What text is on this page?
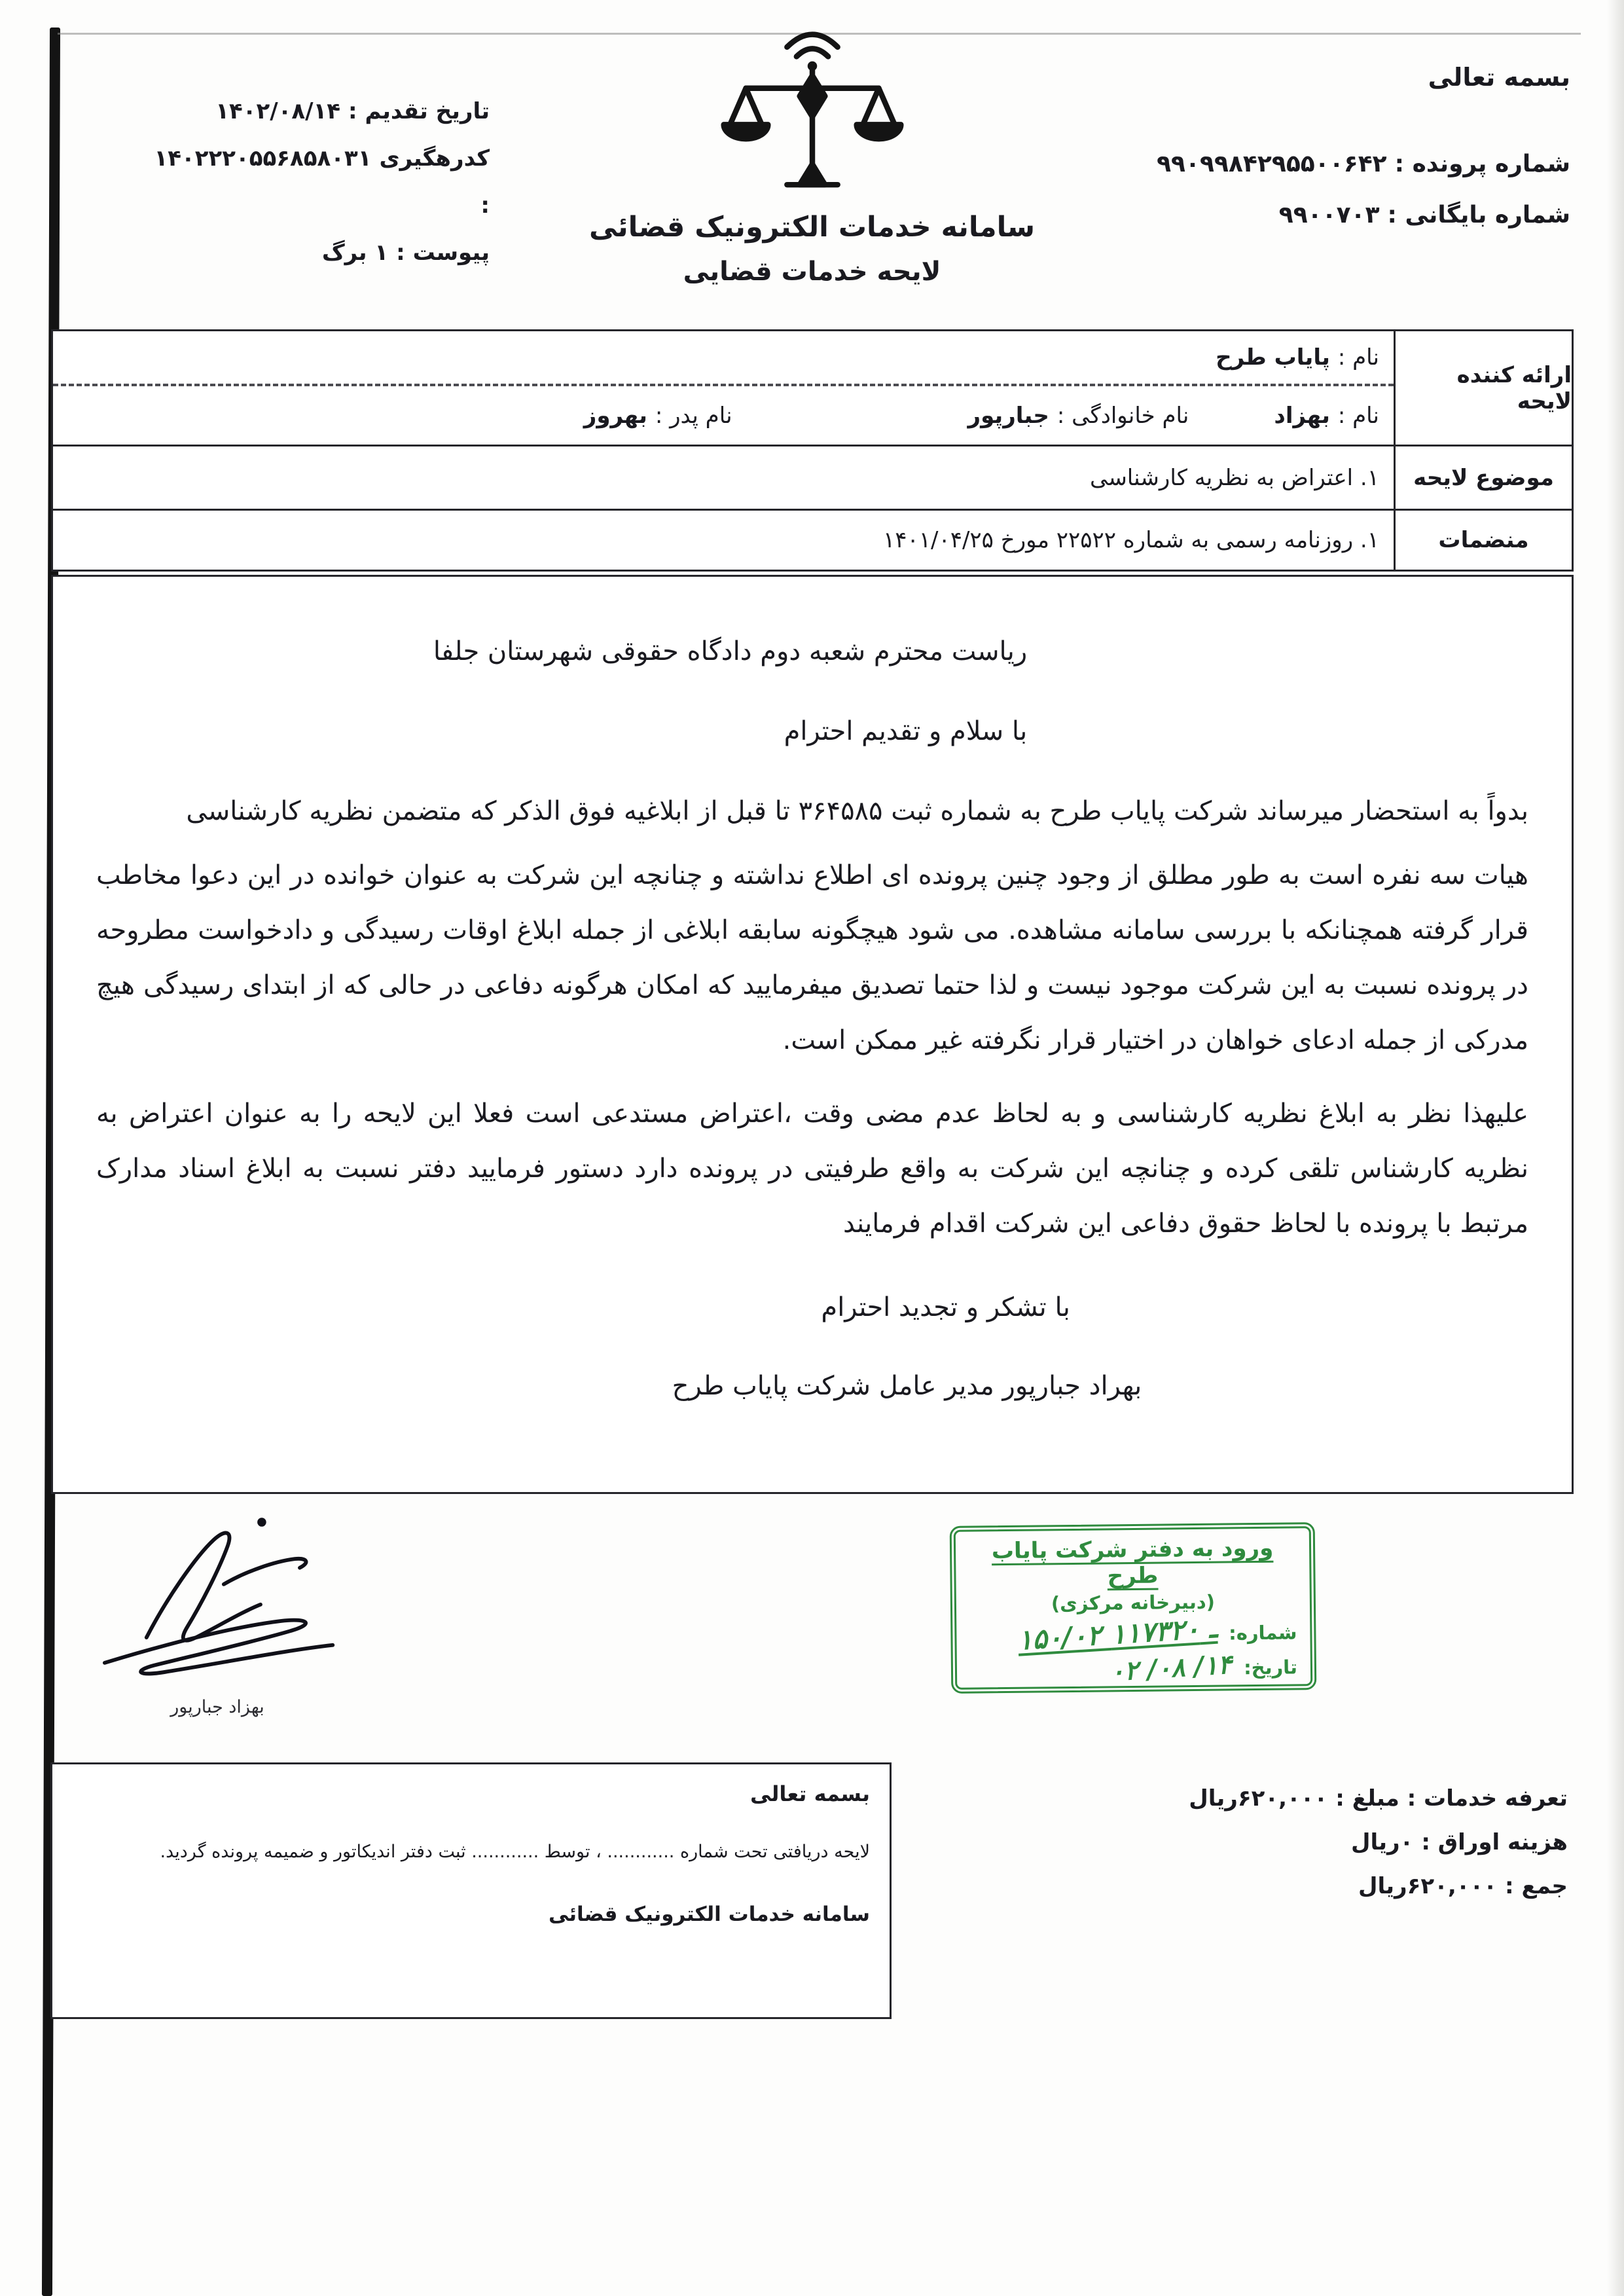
بسمه تعالی
شماره پرونده :
۹۹۰۹۹۸۴۲۹۵۵۰۰۶۴۲
شماره بایگانی :
۹۹۰۰۷۰۳
سامانه خدمات الکترونیک قضائی
لایحه خدمات قضایی
تاریخ تقدیم :
۱۴۰۲/۰۸/۱۴
کدرهگیری :
۱۴۰۲۲۲۰۵۵۶۸۵۸۰۳۱
پیوست :
۱ برگ
ارائه کننده لایحه
نام :
پایاب طرح
نام :
بهزاد
نام خانوادگی :
جبارپور
نام پدر :
بهروز
موضوع لایحه
۱. اعتراض به نظریه کارشناسی
منضمات
۱. روزنامه رسمی به شماره ۲۲۵۲۲ مورخ ۱۴۰۱/۰۴/۲۵
ریاست محترم شعبه دوم دادگاه حقوقی شهرستان جلفا
با سلام و تقدیم احترام
بدواً به استحضار میرساند شرکت پایاب طرح به شماره ثبت ۳۶۴۵۸۵ تا قبل از ابلاغیه فوق الذکر که متضمن نظریه کارشناسی
هیات سه نفره است به طور مطلق از وجود چنین پرونده ای اطلاع نداشته و چنانچه این شرکت به عنوان خوانده در این دعوا مخاطب قرار گرفته همچنانکه با بررسی سامانه مشاهده. می شود هیچگونه سابقه ابلاغی از جمله ابلاغ اوقات رسیدگی و دادخواست مطروحه در پرونده نسبت به این شرکت موجود نیست و لذا حتما تصدیق میفرمایید که امکان هرگونه دفاعی در حالی که از ابتدای رسیدگی هیچ مدرکی از جمله ادعای خواهان در اختیار قرار نگرفته غیر ممکن است.
علیهذا نظر به ابلاغ نظریه کارشناسی و به لحاظ عدم مضی وقت ،اعتراض مستدعی است فعلا این لایحه را به عنوان اعتراض به نظریه کارشناس تلقی کرده و چنانچه این شرکت به واقع طرفیتی در پرونده دارد دستور فرمایید دفتر نسبت به ابلاغ اسناد مدارک مرتبط با پرونده با لحاظ حقوق دفاعی این شرکت اقدام فرمایند
با تشکر و تجدید احترام
بهراد جبارپور مدیر عامل شرکت پایاب طرح
بهزاد جبارپور
ورود به دفتر شرکت پایاب طرح
(دبیرخانه مرکزی)
شماره:
۱۵۰/۰۲ ـ ۱۱۷۳۲۰
تاریخ:
۰۲ /۰۸ /۱۴
بسمه تعالی
لایحه دریافتی تحت شماره ............ ، توسط ............ ثبت دفتر اندیکاتور و ضمیمه پرونده گردید.
سامانه خدمات الکترونیک قضائی
تعرفه خدمات : مبلغ :
۶۲۰,۰۰۰ریال
هزینه اوراق :
۰ریال
جمع :
۶۲۰,۰۰۰ریال
